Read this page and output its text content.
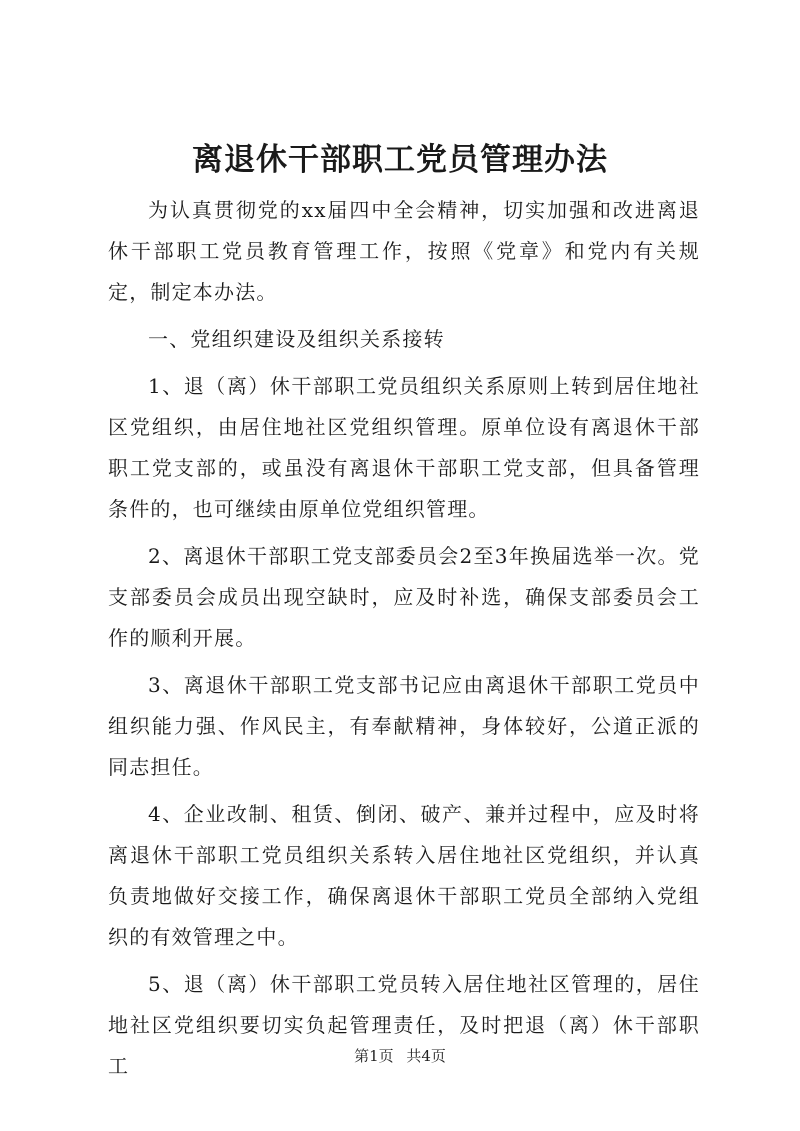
离退休干部职工党员管理办法

为认真贯彻党的xx届四中全会精神，切实加强和改进离退休干部职工党员教育管理工作，按照《党章》和党内有关规定，制定本办法。

一、党组织建设及组织关系接转

1、退（离）休干部职工党员组织关系原则上转到居住地社区党组织，由居住地社区党组织管理。原单位设有离退休干部职工党支部的，或虽没有离退休干部职工党支部，但具备管理条件的，也可继续由原单位党组织管理。

2、离退休干部职工党支部委员会2至3年换届选举一次。党支部委员会成员出现空缺时，应及时补选，确保支部委员会工作的顺利开展。

3、离退休干部职工党支部书记应由离退休干部职工党员中组织能力强、作风民主，有奉献精神，身体较好，公道正派的同志担任。

4、企业改制、租赁、倒闭、破产、兼并过程中，应及时将离退休干部职工党员组织关系转入居住地社区党组织，并认真负责地做好交接工作，确保离退休干部职工党员全部纳入党组织的有效管理之中。

5、退（离）休干部职工党员转入居住地社区管理的，居住地社区党组织要切实负起管理责任，及时把退（离）休干部职工	第1页 共4页
